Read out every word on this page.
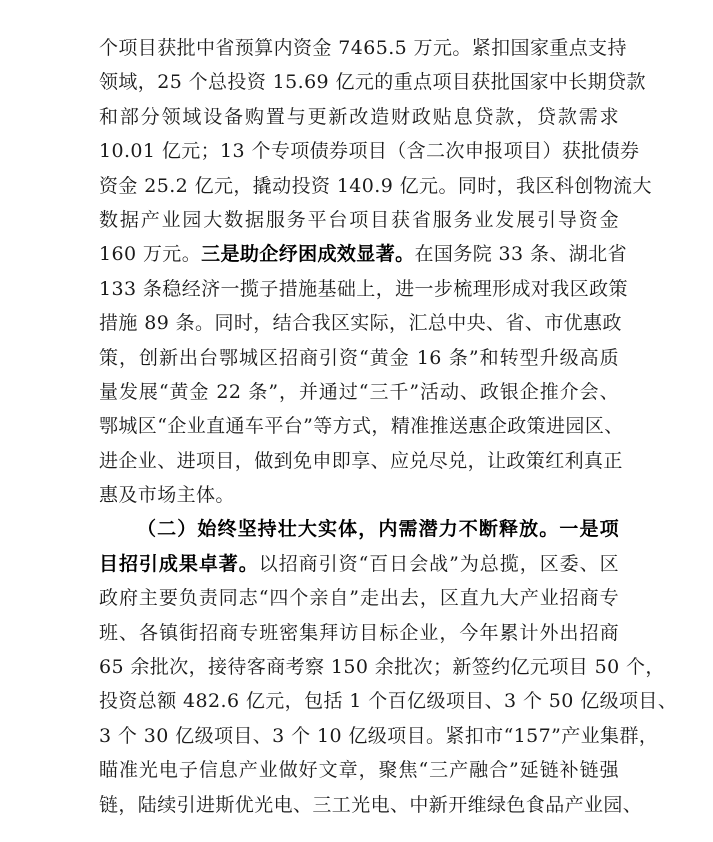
个项目获批中省预算内资金 7465.5 万元。紧扣国家重点支持
领域，25 个总投资 15.69 亿元的重点项目获批国家中长期贷款
和部分领域设备购置与更新改造财政贴息贷款，贷款需求
10.01 亿元；13 个专项债券项目（含二次申报项目）获批债券
资金 25.2 亿元，撬动投资 140.9 亿元。同时，我区科创物流大
数据产业园大数据服务平台项目获省服务业发展引导资金
160 万元。三是助企纾困成效显著。在国务院 33 条、湖北省
133 条稳经济一揽子措施基础上，进一步梳理形成对我区政策
措施 89 条。同时，结合我区实际，汇总中央、省、市优惠政
策，创新出台鄂城区招商引资“黄金 16 条”和转型升级高质
量发展“黄金 22 条”，并通过“三千”活动、政银企推介会、
鄂城区“企业直通车平台”等方式，精准推送惠企政策进园区、
进企业、进项目，做到免申即享、应兑尽兑，让政策红利真正
惠及市场主体。
（二）始终坚持壮大实体，内需潜力不断释放。一是项
目招引成果卓著。以招商引资“百日会战”为总揽，区委、区
政府主要负责同志“四个亲自”走出去，区直九大产业招商专
班、各镇街招商专班密集拜访目标企业，今年累计外出招商
65 余批次，接待客商考察 150 余批次；新签约亿元项目 50 个，
投资总额 482.6 亿元，包括 1 个百亿级项目、3 个 50 亿级项目、
3 个 30 亿级项目、3 个 10 亿级项目。紧扣市“157”产业集群，
瞄准光电子信息产业做好文章，聚焦“三产融合”延链补链强
链，陆续引进斯优光电、三工光电、中新开维绿色食品产业园、
